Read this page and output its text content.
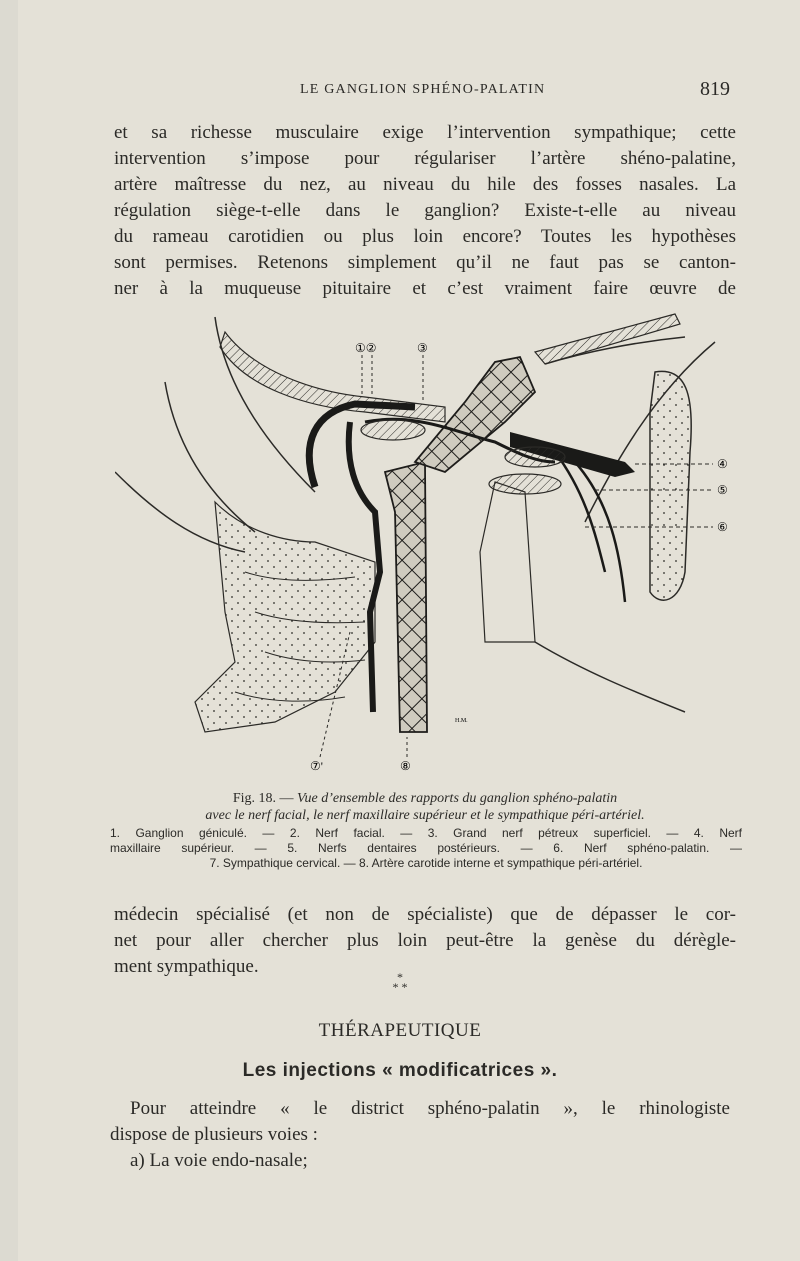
LE GANGLION SPHÉNO-PALATIN	819
et sa richesse musculaire exige l’intervention sympathique; cette
intervention s’impose pour régulariser l’artère shéno-palatine,
artère maîtresse du nez, au niveau du hile des fosses nasales. La
régulation siège-t-elle dans le ganglion? Existe-t-elle au niveau
du rameau carotidien ou plus loin encore? Toutes les hypothèses
sont permises. Retenons simplement qu’il ne faut pas se canton-
ner à la muqueuse pituitaire et c’est vraiment faire œuvre de
①②	③
④
⑤
⑥
⑦'	⑧
H.M.
Fig. 18. — Vue d’ensemble des rapports du ganglion sphéno-palatin
avec le nerf facial, le nerf maxillaire supérieur et le sympathique péri-artériel.
1. Ganglion géniculé. — 2. Nerf facial. — 3. Grand nerf pétreux superficiel. — 4. Nerf
maxillaire supérieur. — 5. Nerfs dentaires postérieurs. — 6. Nerf sphéno-palatin. —
7. Sympathique cervical. — 8. Artère carotide interne et sympathique péri-artériel.
médecin spécialisé (et non de spécialiste) que de dépasser le cor-
net pour aller chercher plus loin peut-être la genèse du dérègle-
ment sympathique.	*
* *
THÉRAPEUTIQUE
Les injections « modificatrices ».
Pour atteindre « le district sphéno-palatin », le rhinologiste
dispose de plusieurs voies :
a) La voie endo-nasale;
